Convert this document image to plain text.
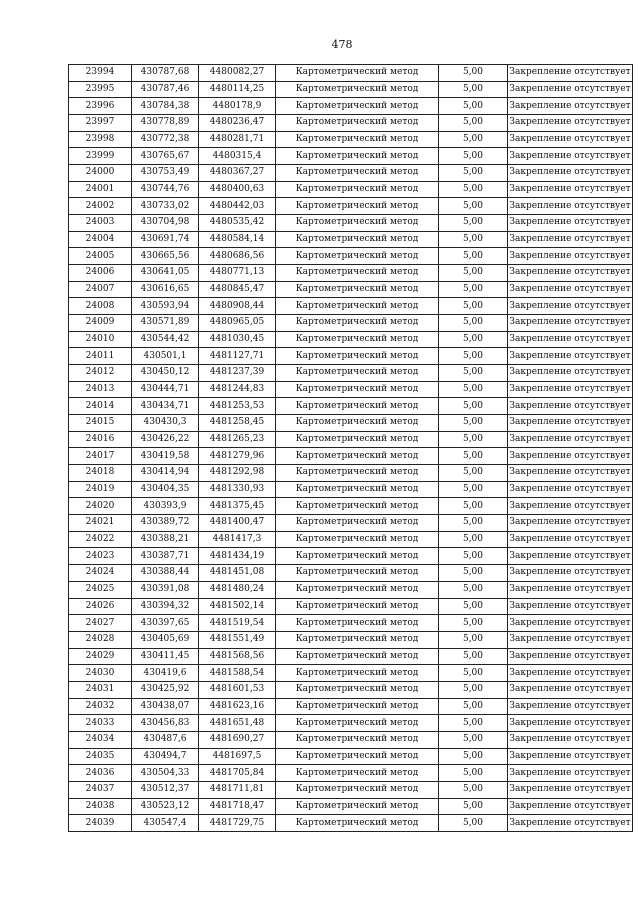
478
23994	430787,68	4480082,27	Картометрический метод	5,00	Закрепление отсутствует
23995	430787,46	4480114,25	Картометрический метод	5,00	Закрепление отсутствует
23996	430784,38	4480178,9	Картометрический метод	5,00	Закрепление отсутствует
23997	430778,89	4480236,47	Картометрический метод	5,00	Закрепление отсутствует
23998	430772,38	4480281,71	Картометрический метод	5,00	Закрепление отсутствует
23999	430765,67	4480315,4	Картометрический метод	5,00	Закрепление отсутствует
24000	430753,49	4480367,27	Картометрический метод	5,00	Закрепление отсутствует
24001	430744,76	4480400,63	Картометрический метод	5,00	Закрепление отсутствует
24002	430733,02	4480442,03	Картометрический метод	5,00	Закрепление отсутствует
24003	430704,98	4480535,42	Картометрический метод	5,00	Закрепление отсутствует
24004	430691,74	4480584,14	Картометрический метод	5,00	Закрепление отсутствует
24005	430665,56	4480686,56	Картометрический метод	5,00	Закрепление отсутствует
24006	430641,05	4480771,13	Картометрический метод	5,00	Закрепление отсутствует
24007	430616,65	4480845,47	Картометрический метод	5,00	Закрепление отсутствует
24008	430593,94	4480908,44	Картометрический метод	5,00	Закрепление отсутствует
24009	430571,89	4480965,05	Картометрический метод	5,00	Закрепление отсутствует
24010	430544,42	4481030,45	Картометрический метод	5,00	Закрепление отсутствует
24011	430501,1	4481127,71	Картометрический метод	5,00	Закрепление отсутствует
24012	430450,12	4481237,39	Картометрический метод	5,00	Закрепление отсутствует
24013	430444,71	4481244,83	Картометрический метод	5,00	Закрепление отсутствует
24014	430434,71	4481253,53	Картометрический метод	5,00	Закрепление отсутствует
24015	430430,3	4481258,45	Картометрический метод	5,00	Закрепление отсутствует
24016	430426,22	4481265,23	Картометрический метод	5,00	Закрепление отсутствует
24017	430419,58	4481279,96	Картометрический метод	5,00	Закрепление отсутствует
24018	430414,94	4481292,98	Картометрический метод	5,00	Закрепление отсутствует
24019	430404,35	4481330,93	Картометрический метод	5,00	Закрепление отсутствует
24020	430393,9	4481375,45	Картометрический метод	5,00	Закрепление отсутствует
24021	430389,72	4481400,47	Картометрический метод	5,00	Закрепление отсутствует
24022	430388,21	4481417,3	Картометрический метод	5,00	Закрепление отсутствует
24023	430387,71	4481434,19	Картометрический метод	5,00	Закрепление отсутствует
24024	430388,44	4481451,08	Картометрический метод	5,00	Закрепление отсутствует
24025	430391,08	4481480,24	Картометрический метод	5,00	Закрепление отсутствует
24026	430394,32	4481502,14	Картометрический метод	5,00	Закрепление отсутствует
24027	430397,65	4481519,54	Картометрический метод	5,00	Закрепление отсутствует
24028	430405,69	4481551,49	Картометрический метод	5,00	Закрепление отсутствует
24029	430411,45	4481568,56	Картометрический метод	5,00	Закрепление отсутствует
24030	430419,6	4481588,54	Картометрический метод	5,00	Закрепление отсутствует
24031	430425,92	4481601,53	Картометрический метод	5,00	Закрепление отсутствует
24032	430438,07	4481623,16	Картометрический метод	5,00	Закрепление отсутствует
24033	430456,83	4481651,48	Картометрический метод	5,00	Закрепление отсутствует
24034	430487,6	4481690,27	Картометрический метод	5,00	Закрепление отсутствует
24035	430494,7	4481697,5	Картометрический метод	5,00	Закрепление отсутствует
24036	430504,33	4481705,84	Картометрический метод	5,00	Закрепление отсутствует
24037	430512,37	4481711,81	Картометрический метод	5,00	Закрепление отсутствует
24038	430523,12	4481718,47	Картометрический метод	5,00	Закрепление отсутствует
24039	430547,4	4481729,75	Картометрический метод	5,00	Закрепление отсутствует
